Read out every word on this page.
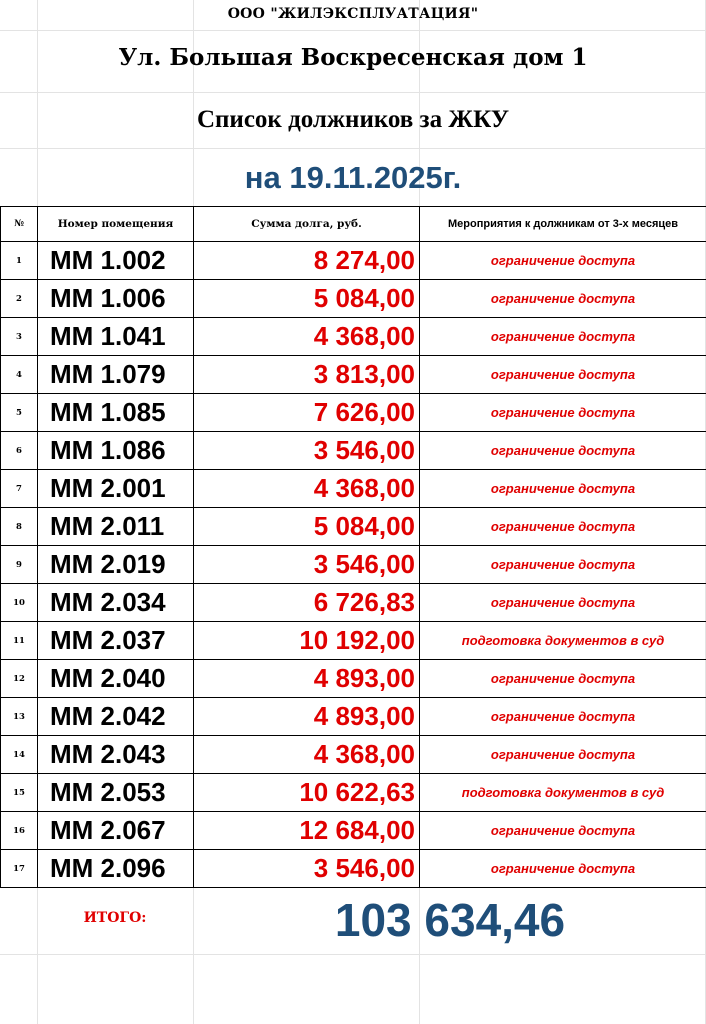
ООО "ЖИЛЭКСПЛУАТАЦИЯ"
Ул. Большая Воскресенская дом 1
Список должников за ЖКУ
на 19.11.2025г.
№	Номер помещения	Сумма долга, руб.	Мероприятия к должникам от 3-х месяцев
1	ММ 1.002	8 274,00	ограничение доступа
2	ММ 1.006	5 084,00	ограничение доступа
3	ММ 1.041	4 368,00	ограничение доступа
4	ММ 1.079	3 813,00	ограничение доступа
5	ММ 1.085	7 626,00	ограничение доступа
6	ММ 1.086	3 546,00	ограничение доступа
7	ММ 2.001	4 368,00	ограничение доступа
8	ММ 2.011	5 084,00	ограничение доступа
9	ММ 2.019	3 546,00	ограничение доступа
10	ММ 2.034	6 726,83	ограничение доступа
11	ММ 2.037	10 192,00	подготовка документов в суд
12	ММ 2.040	4 893,00	ограничение доступа
13	ММ 2.042	4 893,00	ограничение доступа
14	ММ 2.043	4 368,00	ограничение доступа
15	ММ 2.053	10 622,63	подготовка документов в суд
16	ММ 2.067	12 684,00	ограничение доступа
17	ММ 2.096	3 546,00	ограничение доступа
ИТОГО:	103 634,46
